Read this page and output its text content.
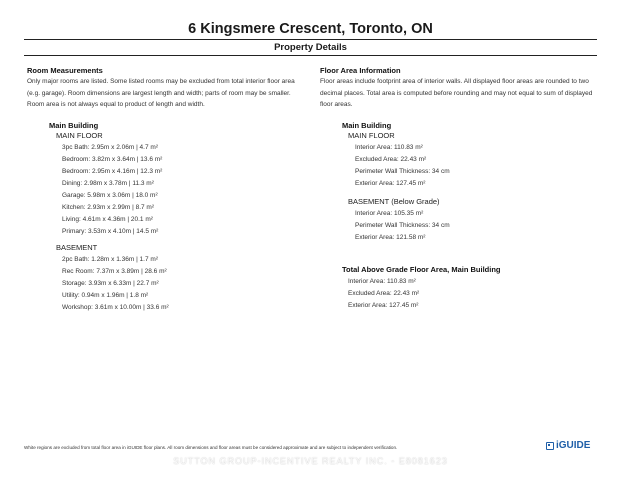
6 Kingsmere Crescent, Toronto, ON
Property Details
Room Measurements
Only major rooms are listed. Some listed rooms may be excluded from total interior floor area
(e.g. garage). Room dimensions are largest length and width; parts of room may be smaller.
Room area is not always equal to product of length and width.
Main Building
MAIN FLOOR
3pc Bath: 2.95m x 2.06m | 4.7 m²
Bedroom: 3.82m x 3.64m | 13.6 m²
Bedroom: 2.95m x 4.16m | 12.3 m²
Dining: 2.98m x 3.78m | 11.3 m²
Garage: 5.98m x 3.06m | 18.0 m²
Kitchen: 2.93m x 2.99m | 8.7 m²
Living: 4.61m x 4.36m | 20.1 m²
Primary: 3.53m x 4.10m | 14.5 m²
BASEMENT
2pc Bath: 1.28m x 1.36m | 1.7 m²
Rec Room: 7.37m x 3.89m | 28.6 m²
Storage: 3.93m x 6.33m | 22.7 m²
Utility: 0.94m x 1.96m | 1.8 m²
Workshop: 3.61m x 10.00m | 33.6 m²
Floor Area Information
Floor areas include footprint area of interior walls. All displayed floor areas are rounded to two
decimal places. Total area is computed before rounding and may not equal to sum of displayed
floor areas.
Main Building
MAIN FLOOR
Interior Area: 110.83 m²
Excluded Area: 22.43 m²
Perimeter Wall Thickness: 34 cm
Exterior Area: 127.45 m²
BASEMENT (Below Grade)
Interior Area: 105.35 m²
Perimeter Wall Thickness: 34 cm
Exterior Area: 121.58 m²
Total Above Grade Floor Area, Main Building
Interior Area: 110.83 m²
Excluded Area: 22.43 m²
Exterior Area: 127.45 m²
White regions are excluded from total floor area in iGUIDE floor plans. All room dimensions and floor areas must be considered approximate and are subject to independent verification.	iGUIDE
SUTTON GROUP-INCENTIVE REALTY INC. - E8081623
